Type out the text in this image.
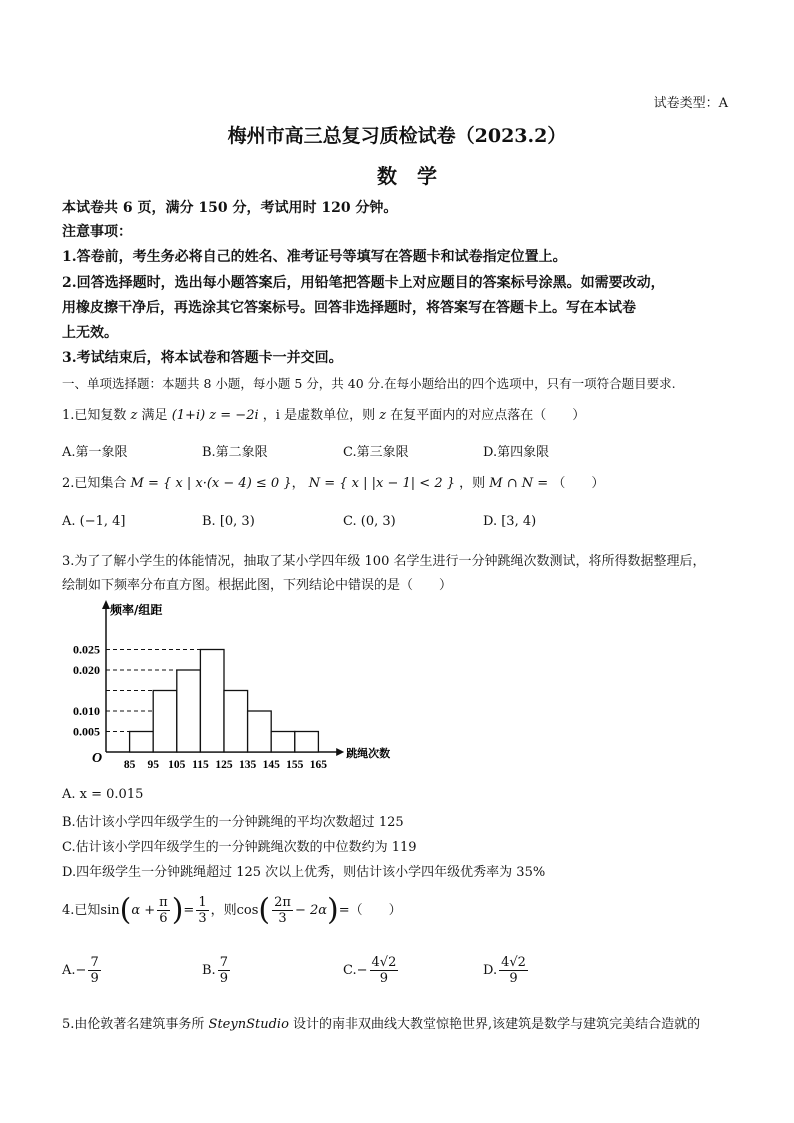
试卷类型：A
梅州市高三总复习质检试卷（2023.2）
数学
本试卷共 6 页，满分 150 分，考试用时 120 分钟。
注意事项：
1.答卷前，考生务必将自己的姓名、准考证号等填写在答题卡和试卷指定位置上。
2.回答选择题时，选出每小题答案后，用铅笔把答题卡上对应题目的答案标号涂黑。如需要改动，
用橡皮擦干净后，再选涂其它答案标号。回答非选择题时，将答案写在答题卡上。写在本试卷
上无效。
3.考试结束后，将本试卷和答题卡一并交回。
一、单项选择题：本题共 8 小题，每小题 5 分，共 40 分.在每小题给出的四个选项中，只有一项符合题目要求.
1.已知复数 z 满足 (1+i) z = −2i ，i 是虚数单位，则 z 在复平面内的对应点落在（　　）
A.第一象限	B.第二象限	C.第三象限	D.第四象限
2.已知集合 M = { x | x·(x − 4) ≤ 0 }， N = { x | |x − 1| < 2 } ，则 M ∩ N = （　　）
A. (−1, 4]	B. [0, 3)	C. (0, 3)	D. [3, 4)
3.为了了解小学生的体能情况，抽取了某小学四年级 100 名学生进行一分钟跳绳次数测试，将所得数据整理后，
绘制如下频率分布直方图。根据此图，下列结论中错误的是（　　）
O
频率/组距
跳绳次数
0.025
0.020
0.010
0.005
85 95 105 115 125 135 145 155 165
A. x = 0.015
B.估计该小学四年级学生的一分钟跳绳的平均次数超过 125
C.估计该小学四年级学生的一分钟跳绳次数的中位数约为 119
D.四年级学生一分钟跳绳超过 125 次以上优秀，则估计该小学四年级优秀率为 35%
4.已知$\sin(\alpha + \frac{\pi}{6}$ )= $\frac{1}{3}$ ，则$\cos( \frac{2\pi}{3} - 2\alpha)=$（　　）
$A.- \frac{7}{9}$	B. $\frac{7}{9}$	$C.- \frac{4√2}{9}$	D. $\frac{4√2}{9}$
5.由伦敦著名建筑事务所 SteynStudio 设计的南非双曲线大教堂惊艳世界,该建筑是数学与建筑完美结合造就的
